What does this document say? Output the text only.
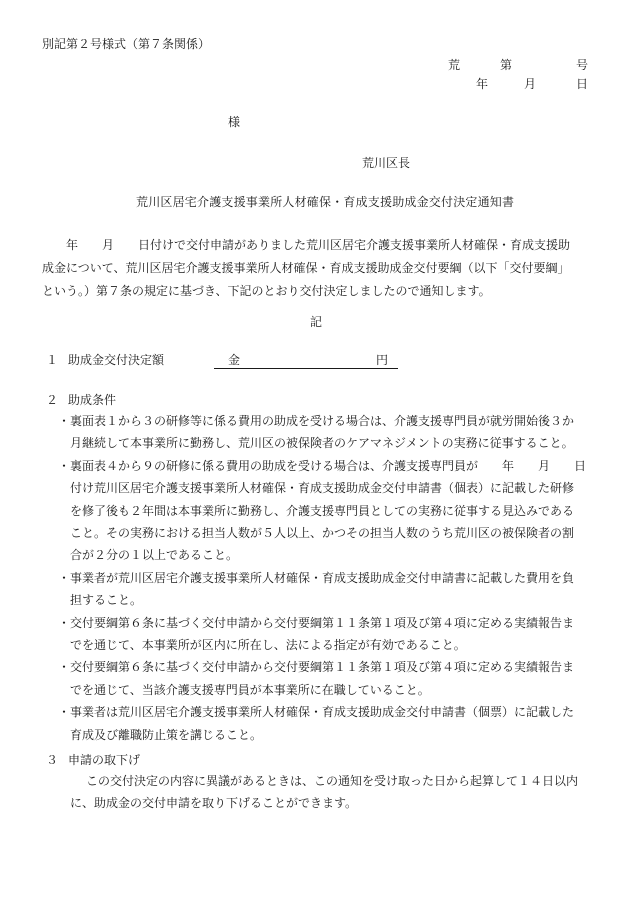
別記第２号様式（第７条関係）
荒	第	号
年	月	日
様
荒川区長
荒川区居宅介護支援事業所人材確保・育成支援助成金交付決定通知書

年　　月　　日付けで交付申請がありました荒川区居宅介護支援事業所人材確保・育成支援助

成金について、荒川区居宅介護支援事業所人材確保・育成支援助成金交付要綱（以下「交付要綱」

という。）第７条の規定に基づき、下記のとおり交付決定しましたので通知します。

記
１ 助成金交付決定額	金	円
２ 助成条件
・ 裏面表１から３の研修等に係る費用の助成を受ける場合は、介護支援専門員が就労開始後３か
月継続して本事業所に勤務し、荒川区の被保険者のケアマネジメントの実務に従事すること。
・ 裏面表４から９の研修に係る費用の助成を受ける場合は、介護支援専門員が　　年　　月　　日
付け荒川区居宅介護支援事業所人材確保・育成支援助成金交付申請書（個表）に記載した研修
を修了後も２年間は本事業所に勤務し、介護支援専門員としての実務に従事する見込みである
こと。その実務における担当人数が５人以上、かつその担当人数のうち荒川区の被保険者の割
合が２分の１以上であること。
・ 事業者が荒川区居宅介護支援事業所人材確保・育成支援助成金交付申請書に記載した費用を負
担すること。
・ 交付要綱第６条に基づく交付申請から交付要綱第１１条第１項及び第４項に定める実績報告ま
でを通じて、本事業所が区内に所在し、法による指定が有効であること。
・ 交付要綱第６条に基づく交付申請から交付要綱第１１条第１項及び第４項に定める実績報告ま
でを通じて、当該介護支援専門員が本事業所に在職していること。
・ 事業者は荒川区居宅介護支援事業所人材確保・育成支援助成金交付申請書（個票）に記載した
育成及び離職防止策を講じること。
３ 申請の取下げ

この交付決定の内容に異議があるときは、この通知を受け取った日から起算して１４日以内

に、助成金の交付申請を取り下げることができます。
